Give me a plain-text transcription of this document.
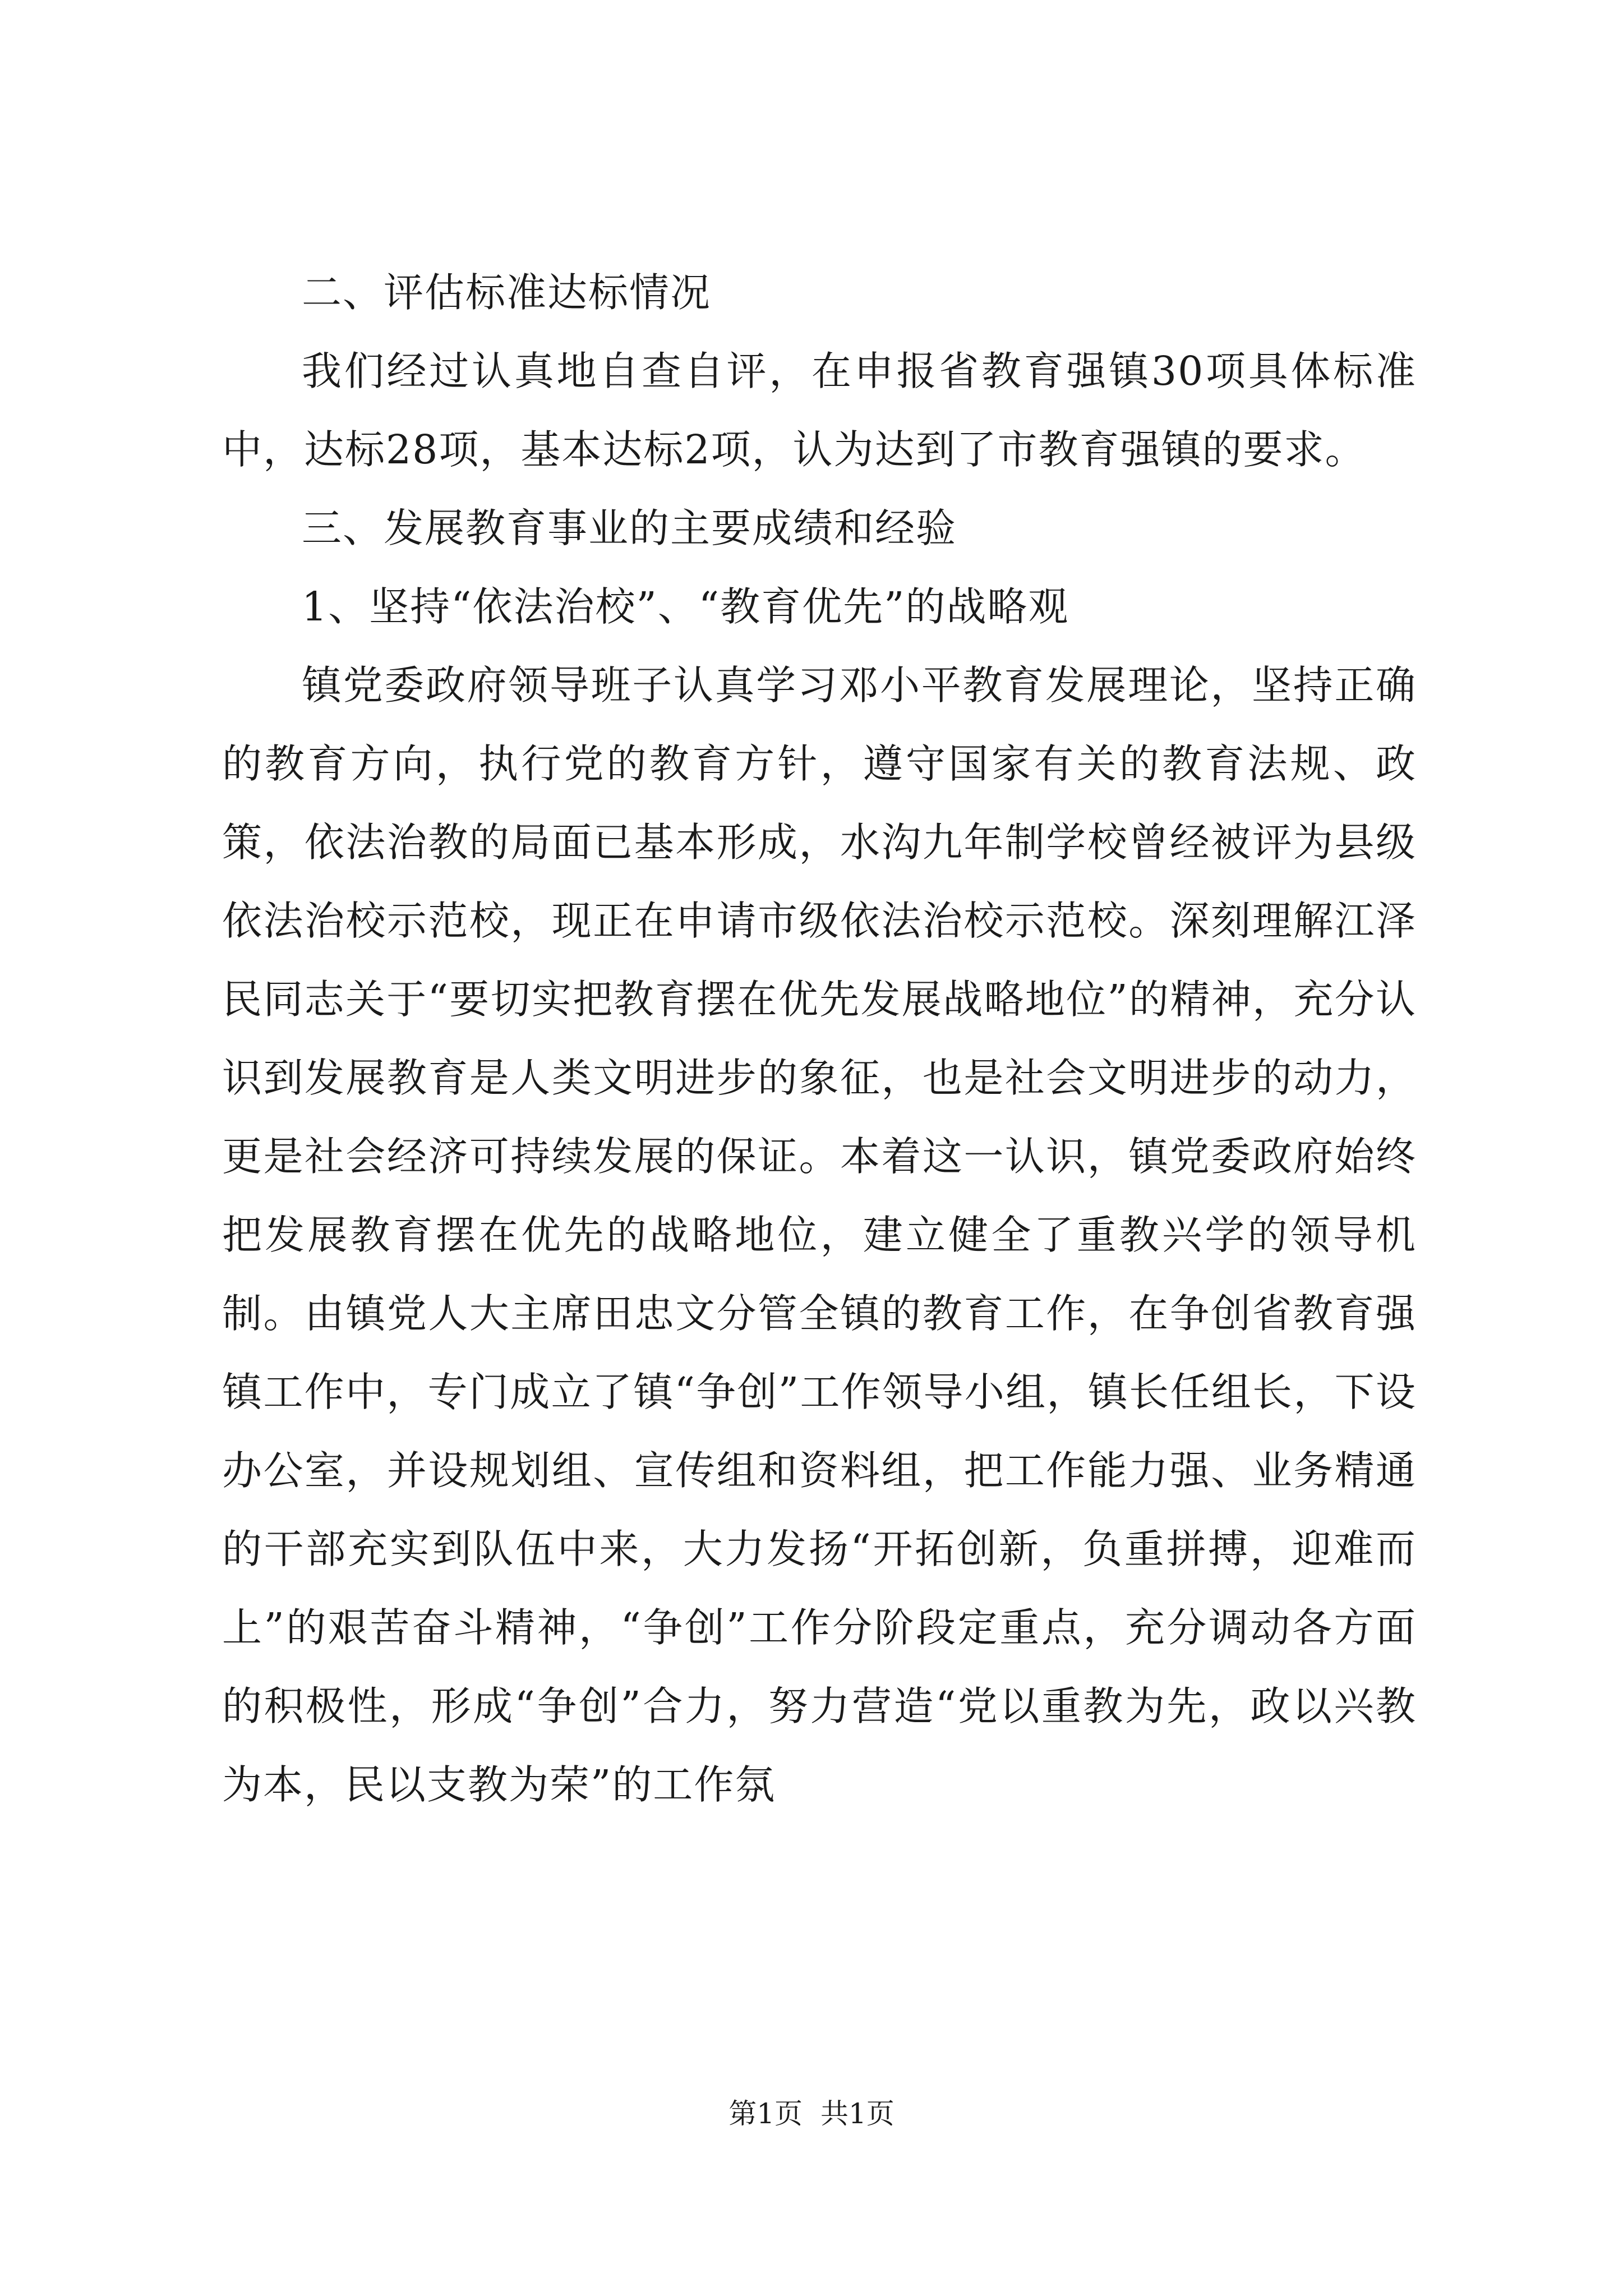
二、评估标准达标情况

我们经过认真地自查自评，在申报省教育强镇30项具体标准中，达标28项，基本达标2项，认为达到了市教育强镇的要求。

三、发展教育事业的主要成绩和经验

1、坚持“依法治校”、“教育优先”的战略观

镇党委政府领导班子认真学习邓小平教育发展理论，坚持正确的教育方向，执行党的教育方针，遵守国家有关的教育法规、政策，依法治教的局面已基本形成，水沟九年制学校曾经被评为县级依法治校示范校，现正在申请市级依法治校示范校。深刻理解江泽民同志关于“要切实把教育摆在优先发展战略地位”的精神，充分认识到发展教育是人类文明进步的象征，也是社会文明进步的动力，更是社会经济可持续发展的保证。本着这一认识，镇党委政府始终把发展教育摆在优先的战略地位，建立健全了重教兴学的领导机制。由镇党人大主席田忠文分管全镇的教育工作，在争创省教育强镇工作中，专门成立了镇“争创”工作领导小组，镇长任组长，下设办公室，并设规划组、宣传组和资料组，把工作能力强、业务精通的干部充实到队伍中来，大力发扬“开拓创新，负重拼搏，迎难而上”的艰苦奋斗精神，“争创”工作分阶段定重点，充分调动各方面的积极性，形成“争创”合力，努力营造“党以重教为先，政以兴教为本，民以支教为荣”的工作氛

第1页 共1页
